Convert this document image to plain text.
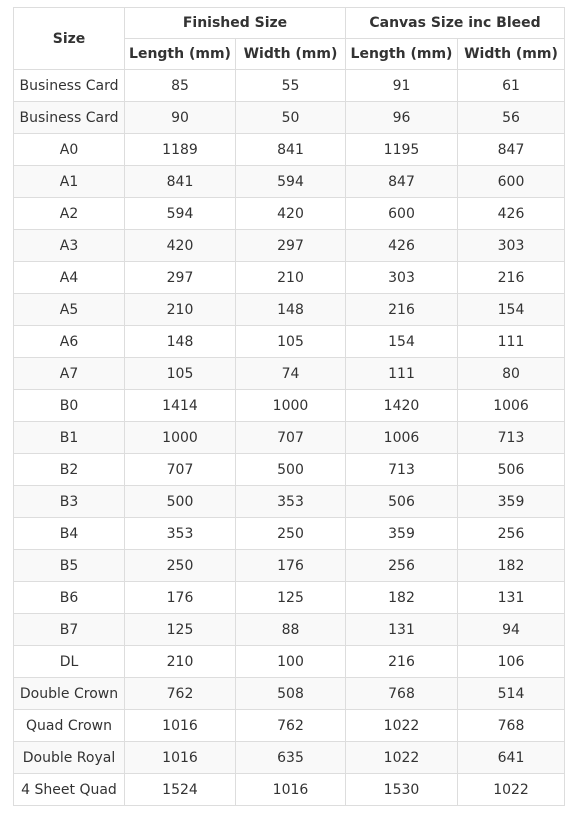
Size	Finished Size		Canvas Size inc Bleed	
	Length (mm)	Width (mm)	Length (mm)	Width (mm)
Business Card	85	55	91	61
Business Card	90	50	96	56
A0	1189	841	1195	847
A1	841	594	847	600
A2	594	420	600	426
A3	420	297	426	303
A4	297	210	303	216
A5	210	148	216	154
A6	148	105	154	111
A7	105	74	111	80
B0	1414	1000	1420	1006
B1	1000	707	1006	713
B2	707	500	713	506
B3	500	353	506	359
B4	353	250	359	256
B5	250	176	256	182
B6	176	125	182	131
B7	125	88	131	94
DL	210	100	216	106
Double Crown	762	508	768	514
Quad Crown	1016	762	1022	768
Double Royal	1016	635	1022	641
4 Sheet Quad	1524	1016	1530	1022
